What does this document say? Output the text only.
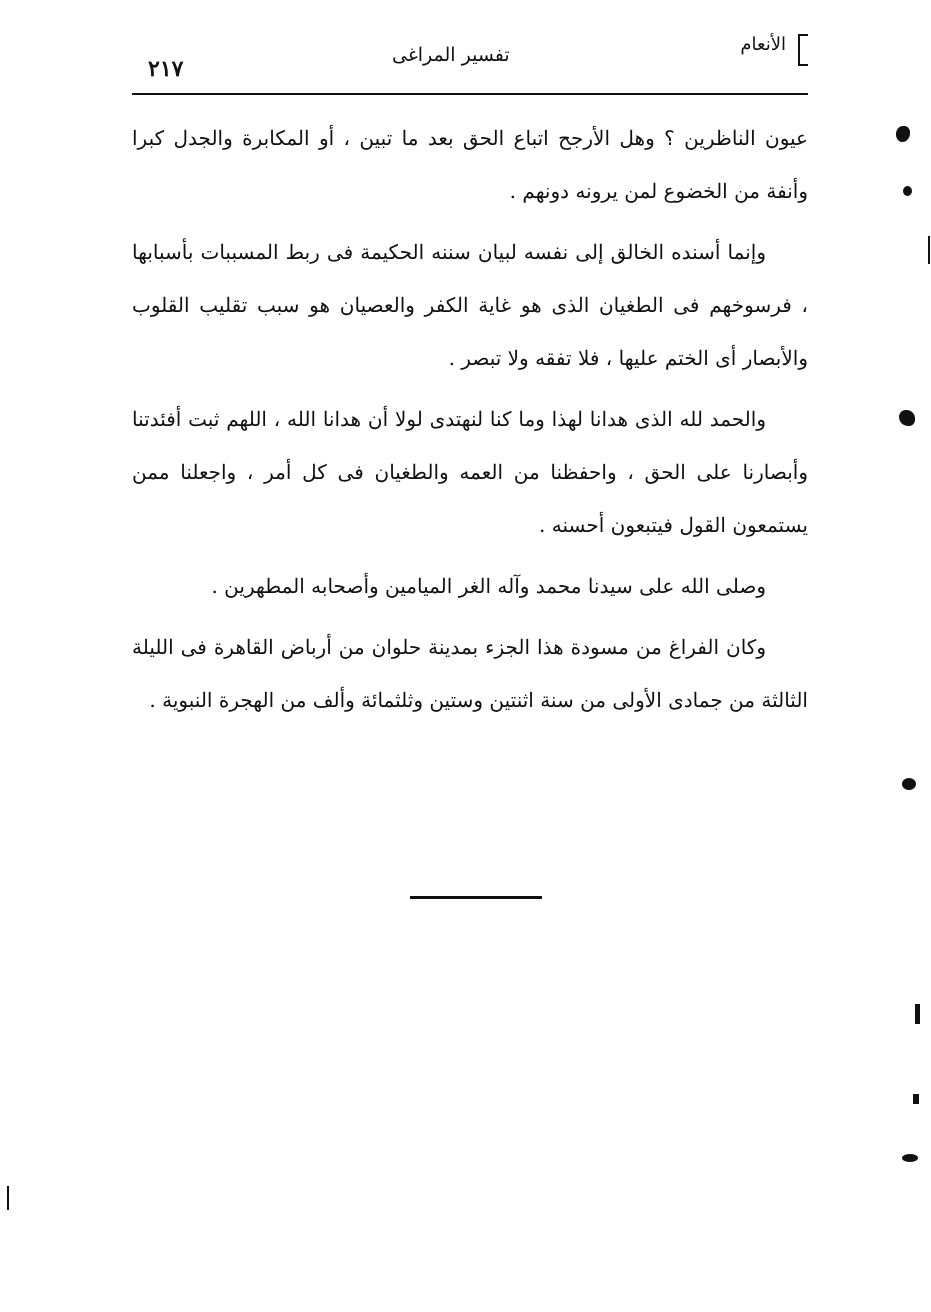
الأنعام
تفسير المراغى
٢١٧

عيون الناظرين ؟ وهل الأرجح اتباع الحق بعد ما تبين ، أو المكابرة والجدل كبرا وأنفة من الخضوع لمن يرونه دونهم .

وإنما أسنده الخالق إلى نفسه لبيان سننه الحكيمة فى ربط المسببات بأسبابها ، فرسوخهم فى الطغيان الذى هو غاية الكفر والعصيان هو سبب تقليب القلوب والأبصار أى الختم عليها ، فلا تفقه ولا تبصر .

والحمد لله الذى هدانا لهذا وما كنا لنهتدى لولا أن هدانا الله ، اللهم ثبت أفئدتنا وأبصارنا على الحق ، واحفظنا من العمه والطغيان فى كل أمر ، واجعلنا ممن يستمعون القول فيتبعون أحسنه .

وصلى الله على سيدنا محمد وآله الغر الميامين وأصحابه المطهرين .

وكان الفراغ من مسودة هذا الجزء بمدينة حلوان من أرباض القاهرة فى الليلة الثالثة من جمادى الأولى من سنة اثنتين وستين وثلثمائة وألف من الهجرة النبوية .
